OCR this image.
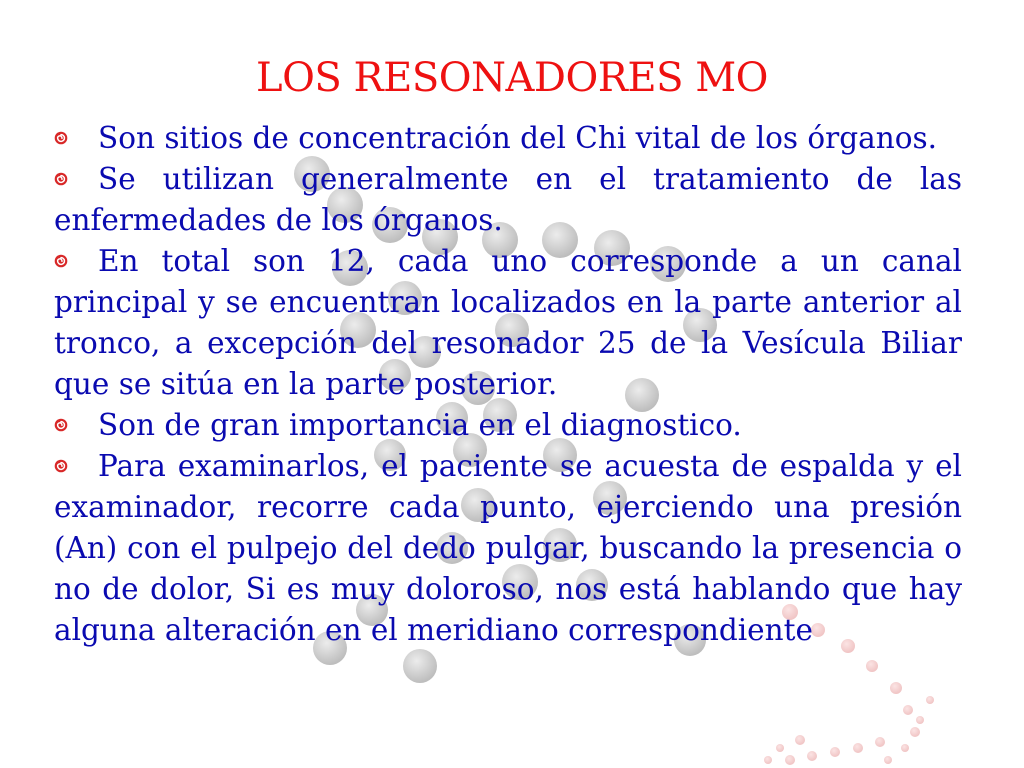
LOS RESONADORES MO
Son sitios de concentración del Chi vital de los órganos.
Se utilizan generalmente en el tratamiento de las enfermedades de los órganos.
En total son 12, cada uno corresponde a un canal principal y se encuentran localizados en la parte anterior al tronco, a excepción del resonador 25 de la Vesícula Biliar que se sitúa en la parte posterior.
Son de gran importancia en el diagnostico.
Para examinarlos, el paciente se acuesta de espalda y el examinador, recorre cada punto, ejerciendo una presión (An) con el pulpejo del dedo pulgar, buscando la presencia o no de dolor, Si es muy doloroso, nos está hablando que hay alguna alteración en el meridiano correspondiente
